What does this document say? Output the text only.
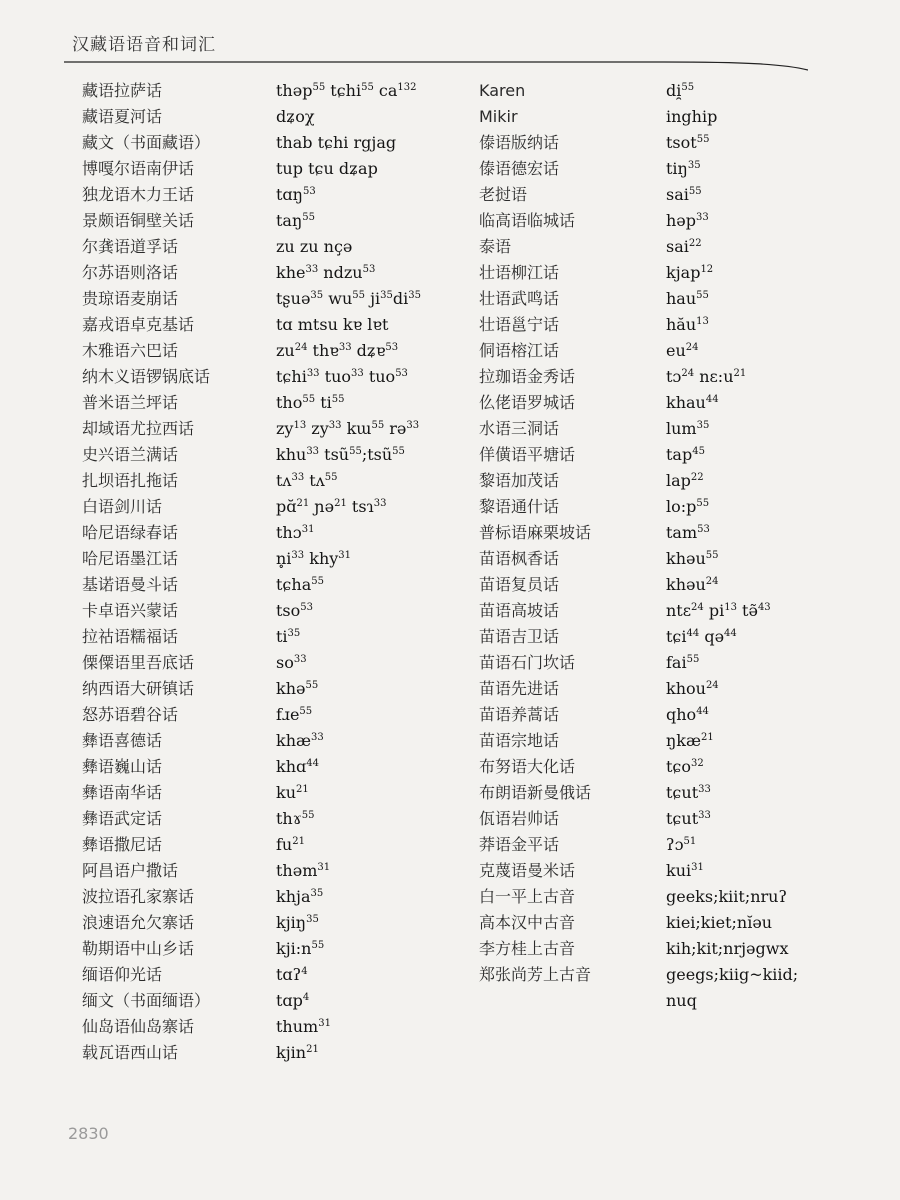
汉藏语语音和词汇
藏语拉萨话	thəp$^{55}$ tɕhi$^{55}$ $ca^{132}$
藏语夏河话	dʑoχ
藏文（书面藏语）	thab tɕhi rgjag
博嘎尔语南伊话	tup tɕu dʑap
独龙语木力王话	tɑŋ$^{53}$
景颇语铜壁关话	taŋ$^{55}$
尔龚语道孚话	zu zu nçə
尔苏语则洛话	khe$^{33}$ ndzu$^{53}$
贵琼语麦崩话	tʂuə$^{35}$ $wu^{55}$ $ji^{35}di^{35}$
嘉戎语卓克基话	tɑ mtsu kɐ lɐt
木雅语六巴话	$zu^{24}$ thɐ$^{33}$ dʑɐ$^{53}$
纳木义语锣锅底话	tɕhi$^{33}$ tuo$^{33}$ tuo$^{53}$
普米语兰坪话	tho$^{55}$ $ti^{55}$
却域语尤拉西话	$zy^{13}$ $zy^{33}$ kɯ$^{55}$ rə$^{33}$
史兴语兰满话	khu$^{33}$ tsũ$^{55}$;tsũ$^{55}$
扎坝语扎拖话	tʌ$^{33}$ tʌ$^{55}$
白语剑川话	pɑ̆$^{21}$ ɲə$^{21}$ tsɿ$^{33}$
哈尼语绿春话	thɔ$^{31}$
哈尼语墨江话	$n̥i^{33}$ khy$^{31}$
基诺语曼斗话	tɕha$^{55}$
卡卓语兴蒙话	tso$^{53}$
拉祜语糯福话	$ti^{35}$
傈僳语里吾底话	$so^{33}$
纳西语大研镇话	khə$^{55}$
怒苏语碧谷话	fɹe$^{55}$
彝语喜德话	khæ$^{33}$
彝语巍山话	khɑ$^{44}$
彝语南华话	$ku^{21}$
彝语武定话	thɤ$^{55}$
彝语撒尼话	$fu^{21}$
阿昌语户撒话	thəm$^{31}$
波拉语孔家寨话	khja$^{35}$
浪速语允欠寨话	kjiŋ$^{35}$
勒期语中山乡话	$kji:n^{55}$
缅语仰光话	tɑʔ$^4$
缅文（书面缅语）	tɑp$^4$
仙岛语仙岛寨话	thum$^{31}$
载瓦语西山话	kjin$^{21}$
Karen	di̯$^{55}$
Mikir	inghip
傣语版纳话	tsot$^{55}$
傣语德宏话	tiŋ$^{35}$
老挝语	sai$^{55}$
临高语临城话	həp$^{33}$
泰语	sai$^{22}$
壮语柳江话	kjap$^{12}$
壮语武鸣话	hau$^{55}$
壮语邕宁话	hău$^{13}$
侗语榕江话	$eu^{24}$
拉珈语金秀话	tɔ$^{24}$ $nɛ:u^{21}$
仫佬语罗城话	khau$^{44}$
水语三洞话	lum$^{35}$
佯僙语平塘话	tap$^{45}$
黎语加茂话	lap$^{22}$
黎语通什话	$lo:p^{55}$
普标语麻栗坡话	tam$^{53}$
苗语枫香话	khəu$^{55}$
苗语复员话	khəu$^{24}$
苗语高坡话	ntɛ$^{24}$ $pi^{13}$ tə̃$^{43}$
苗语吉卫话	tɕi$^{44}$ qə$^{44}$
苗语石门坎话	fai$^{55}$
苗语先进话	khou$^{24}$
苗语养蒿话	qho$^{44}$
苗语宗地话	ŋkæ$^{21}$
布努语大化话	tɕo$^{32}$
布朗语新曼俄话	tɕut$^{33}$
佤语岩帅话	tɕut$^{33}$
莽语金平话	ʔɔ$^{51}$
克蔑语曼米话	kui$^{31}$
白一平上古音	geeks;kiit;nruʔ
高本汉中古音	kiei;kiet;nĭəu
李方桂上古音	kih;kit;nrjəgwx
郑张尚芳上古音	geegs;kiig~kiid;
nuq
2830
